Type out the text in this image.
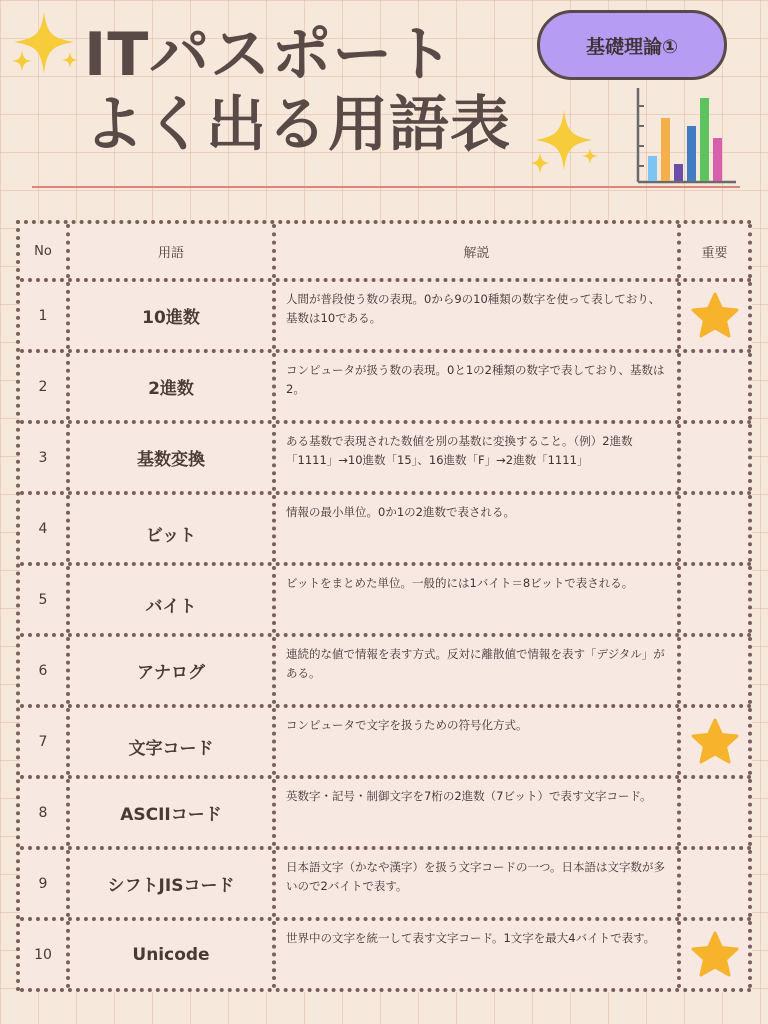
ITパスポート
よく出る用語表
基礎理論①
No	用語	解説	重要
1	10進数
人間が普段使う数の表現。0から9の10種類の数字を使って表しており、基数は10である。
2	2進数
コンピュータが扱う数の表現。0と1の2種類の数字で表しており、基数は2。
3	基数変換
ある基数で表現された数値を別の基数に変換すること。（例）2進数「1111」→10進数「15」、16進数「F」→2進数「1111」
4	ビット
情報の最小単位。0か1の2進数で表される。
5	バイト
ビットをまとめた単位。一般的には1バイト＝8ビットで表される。
6	アナログ
連続的な値で情報を表す方式。反対に離散値で情報を表す「デジタル」がある。
7	文字コード
コンピュータで文字を扱うための符号化方式。
8	ASCIIコード
英数字・記号・制御文字を7桁の2進数（7ビット）で表す文字コード。
9	シフトJISコード
日本語文字（かなや漢字）を扱う文字コードの一つ。日本語は文字数が多いので2バイトで表す。
10	Unicode
世界中の文字を統一して表す文字コード。1文字を最大4バイトで表す。
